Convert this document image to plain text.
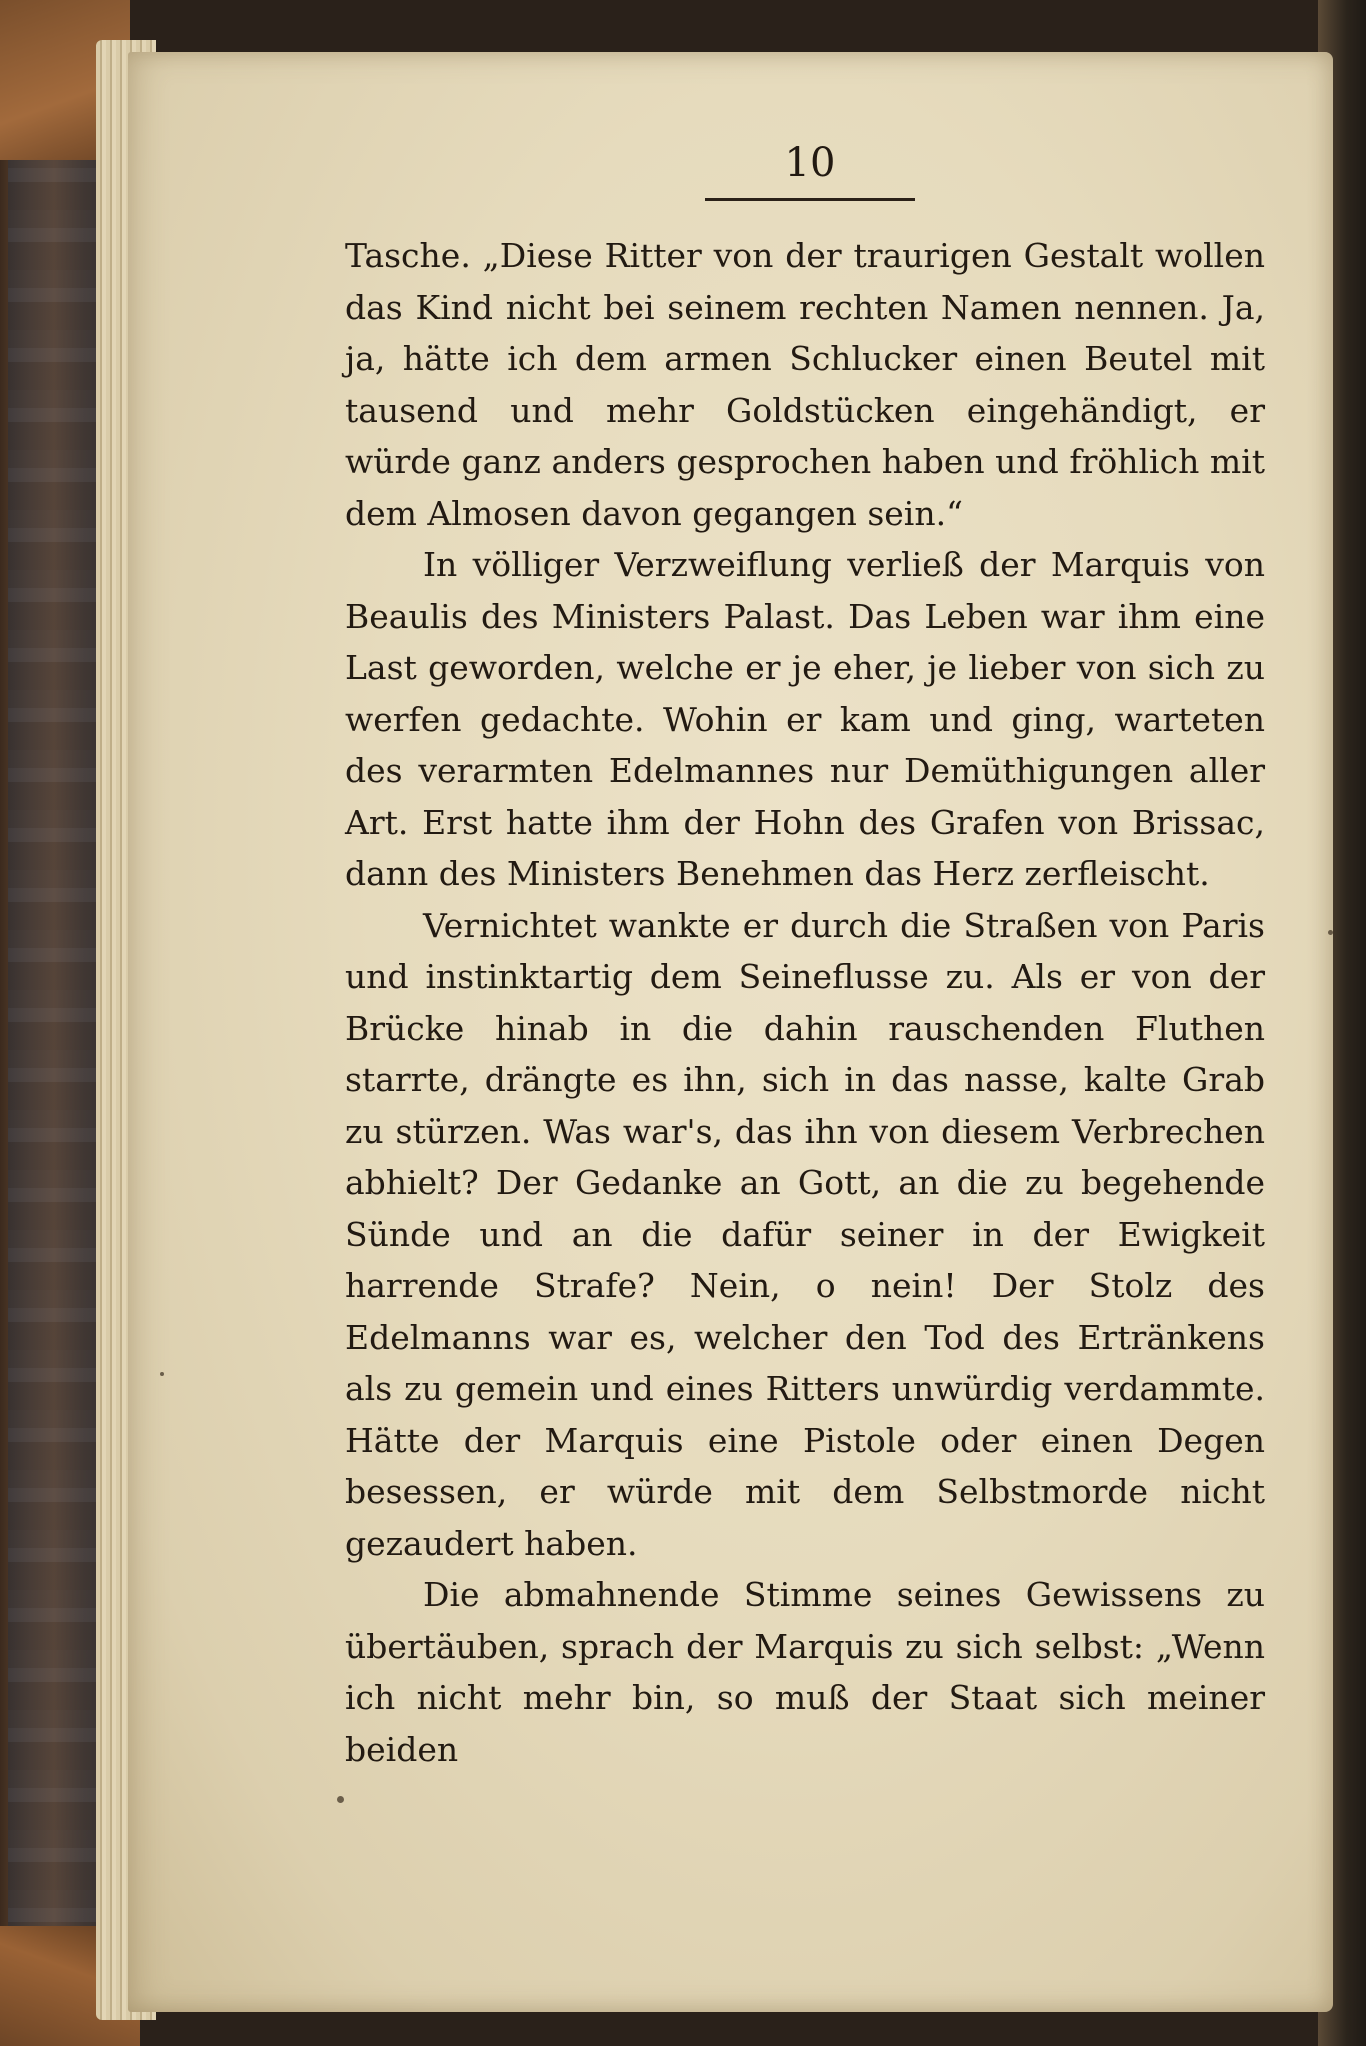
10

Tasche. „Diese Ritter von der traurigen Gestalt wollen das Kind nicht bei seinem rechten Namen nennen. Ja, ja, hätte ich dem armen Schlucker einen Beutel mit tausend und mehr Goldstücken eingehändigt, er würde ganz anders gesprochen haben und fröhlich mit dem Almosen davon gegangen sein.“

In völliger Verzweiflung verließ der Marquis von Beaulis des Ministers Palast. Das Leben war ihm eine Last geworden, welche er je eher, je lieber von sich zu werfen gedachte. Wohin er kam und ging, warteten des verarmten Edelmannes nur Demüthigungen aller Art. Erst hatte ihm der Hohn des Grafen von Brissac, dann des Ministers Benehmen das Herz zerfleischt.

Vernichtet wankte er durch die Straßen von Paris und instinktartig dem Seineflusse zu. Als er von der Brücke hinab in die dahin rauschenden Fluthen starrte, drängte es ihn, sich in das nasse, kalte Grab zu stürzen. Was war's, das ihn von diesem Verbrechen abhielt? Der Gedanke an Gott, an die zu begehende Sünde und an die dafür seiner in der Ewigkeit harrende Strafe? Nein, o nein! Der Stolz des Edelmanns war es, welcher den Tod des Ertränkens als zu gemein und eines Ritters unwürdig verdammte. Hätte der Marquis eine Pistole oder einen Degen besessen, er würde mit dem Selbstmorde nicht gezaudert haben.

Die abmahnende Stimme seines Gewissens zu übertäuben, sprach der Marquis zu sich selbst: „Wenn ich nicht mehr bin, so muß der Staat sich meiner beiden
